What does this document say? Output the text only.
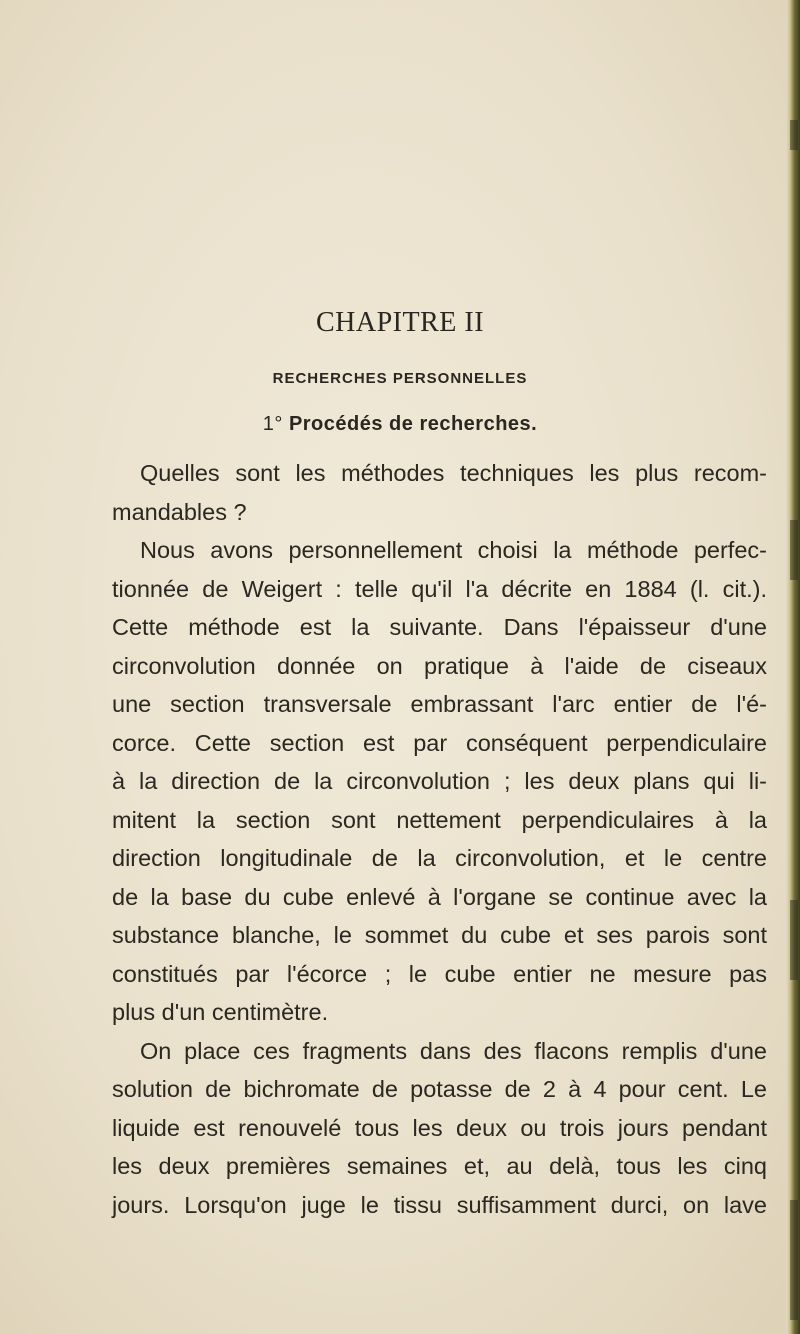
CHAPITRE II
RECHERCHES PERSONNELLES
1° Procédés de recherches.
Quelles sont les méthodes techniques les plus recom-
mandables ?
Nous avons personnellement choisi la méthode perfec-
tionnée de Weigert : telle qu'il l'a décrite en 1884 (l. cit.).
Cette méthode est la suivante. Dans l'épaisseur d'une
circonvolution donnée on pratique à l'aide de ciseaux
une section transversale embrassant l'arc entier de l'é-
corce. Cette section est par conséquent perpendiculaire
à la direction de la circonvolution ; les deux plans qui li-
mitent la section sont nettement perpendiculaires à la
direction longitudinale de la circonvolution, et le centre
de la base du cube enlevé à l'organe se continue avec la
substance blanche, le sommet du cube et ses parois sont
constitués par l'écorce ; le cube entier ne mesure pas
plus d'un centimètre.
On place ces fragments dans des flacons remplis d'une
solution de bichromate de potasse de 2 à 4 pour cent. Le
liquide est renouvelé tous les deux ou trois jours pendant
les deux premières semaines et, au delà, tous les cinq
jours. Lorsqu'on juge le tissu suffisamment durci, on lave
